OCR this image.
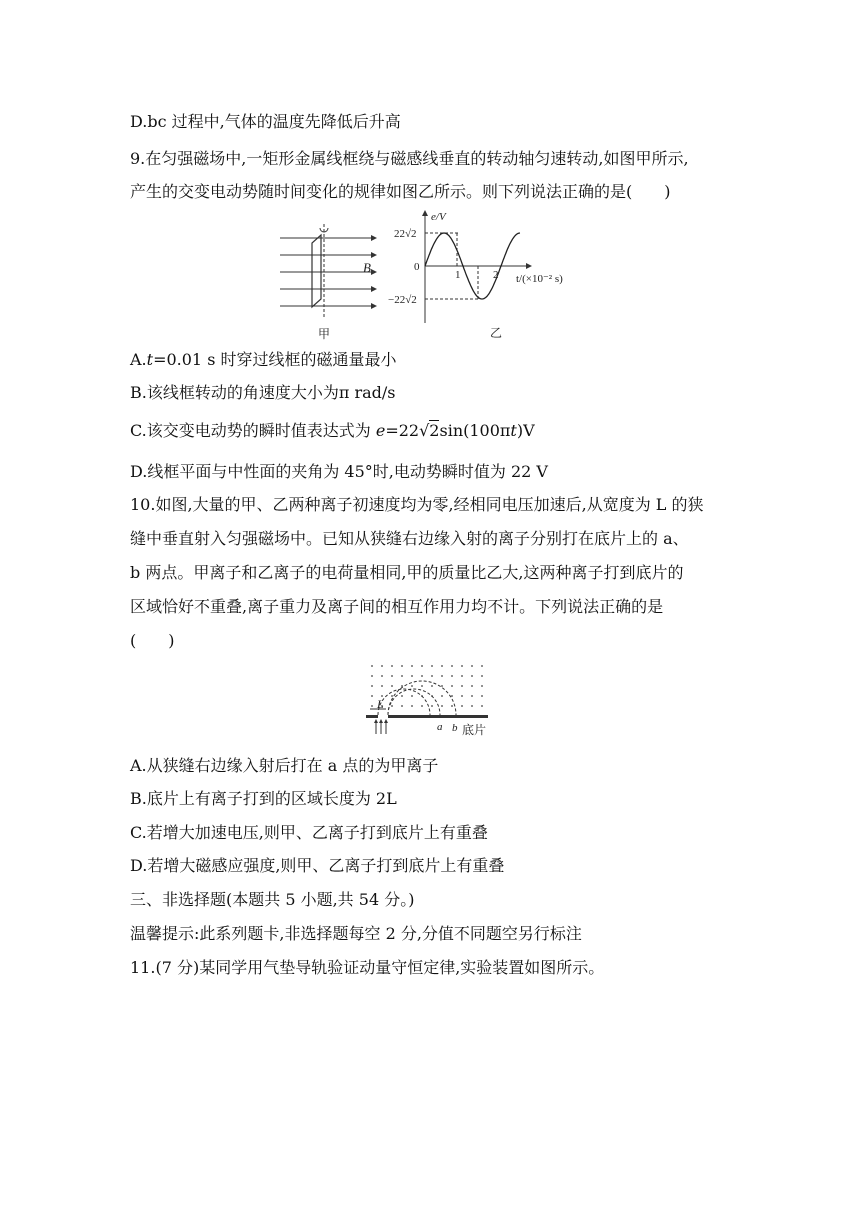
D.bc 过程中,气体的温度先降低后升高
9.在匀强磁场中,一矩形金属线框绕与磁感线垂直的转动轴匀速转动,如图甲所示,
产生的交变电动势随时间变化的规律如图乙所示。则下列说法正确的是(　　)
B
甲
e/V
22√2
−22√2
0
1	2 t/(×10⁻² s)
乙
A.t=0.01 s 时穿过线框的磁通量最小
B.该线框转动的角速度大小为π rad/s
C.该交变电动势的瞬时值表达式为 e=22√2sin(100πt)V
D.线框平面与中性面的夹角为 45°时,电动势瞬时值为 22 V
10.如图,大量的甲、乙两种离子初速度均为零,经相同电压加速后,从宽度为 L 的狭
缝中垂直射入匀强磁场中。已知从狭缝右边缘入射的离子分别打在底片上的 a、
b 两点。甲离子和乙离子的电荷量相同,甲的质量比乙大,这两种离子打到底片的
区域恰好不重叠,离子重力及离子间的相互作用力均不计。下列说法正确的是
(　　)
L
a b 底片
A.从狭缝右边缘入射后打在 a 点的为甲离子
B.底片上有离子打到的区域长度为 2L
C.若增大加速电压,则甲、乙离子打到底片上有重叠
D.若增大磁感应强度,则甲、乙离子打到底片上有重叠
三、非选择题(本题共 5 小题,共 54 分。)
温馨提示:此系列题卡,非选择题每空 2 分,分值不同题空另行标注
11.(7 分)某同学用气垫导轨验证动量守恒定律,实验装置如图所示。
